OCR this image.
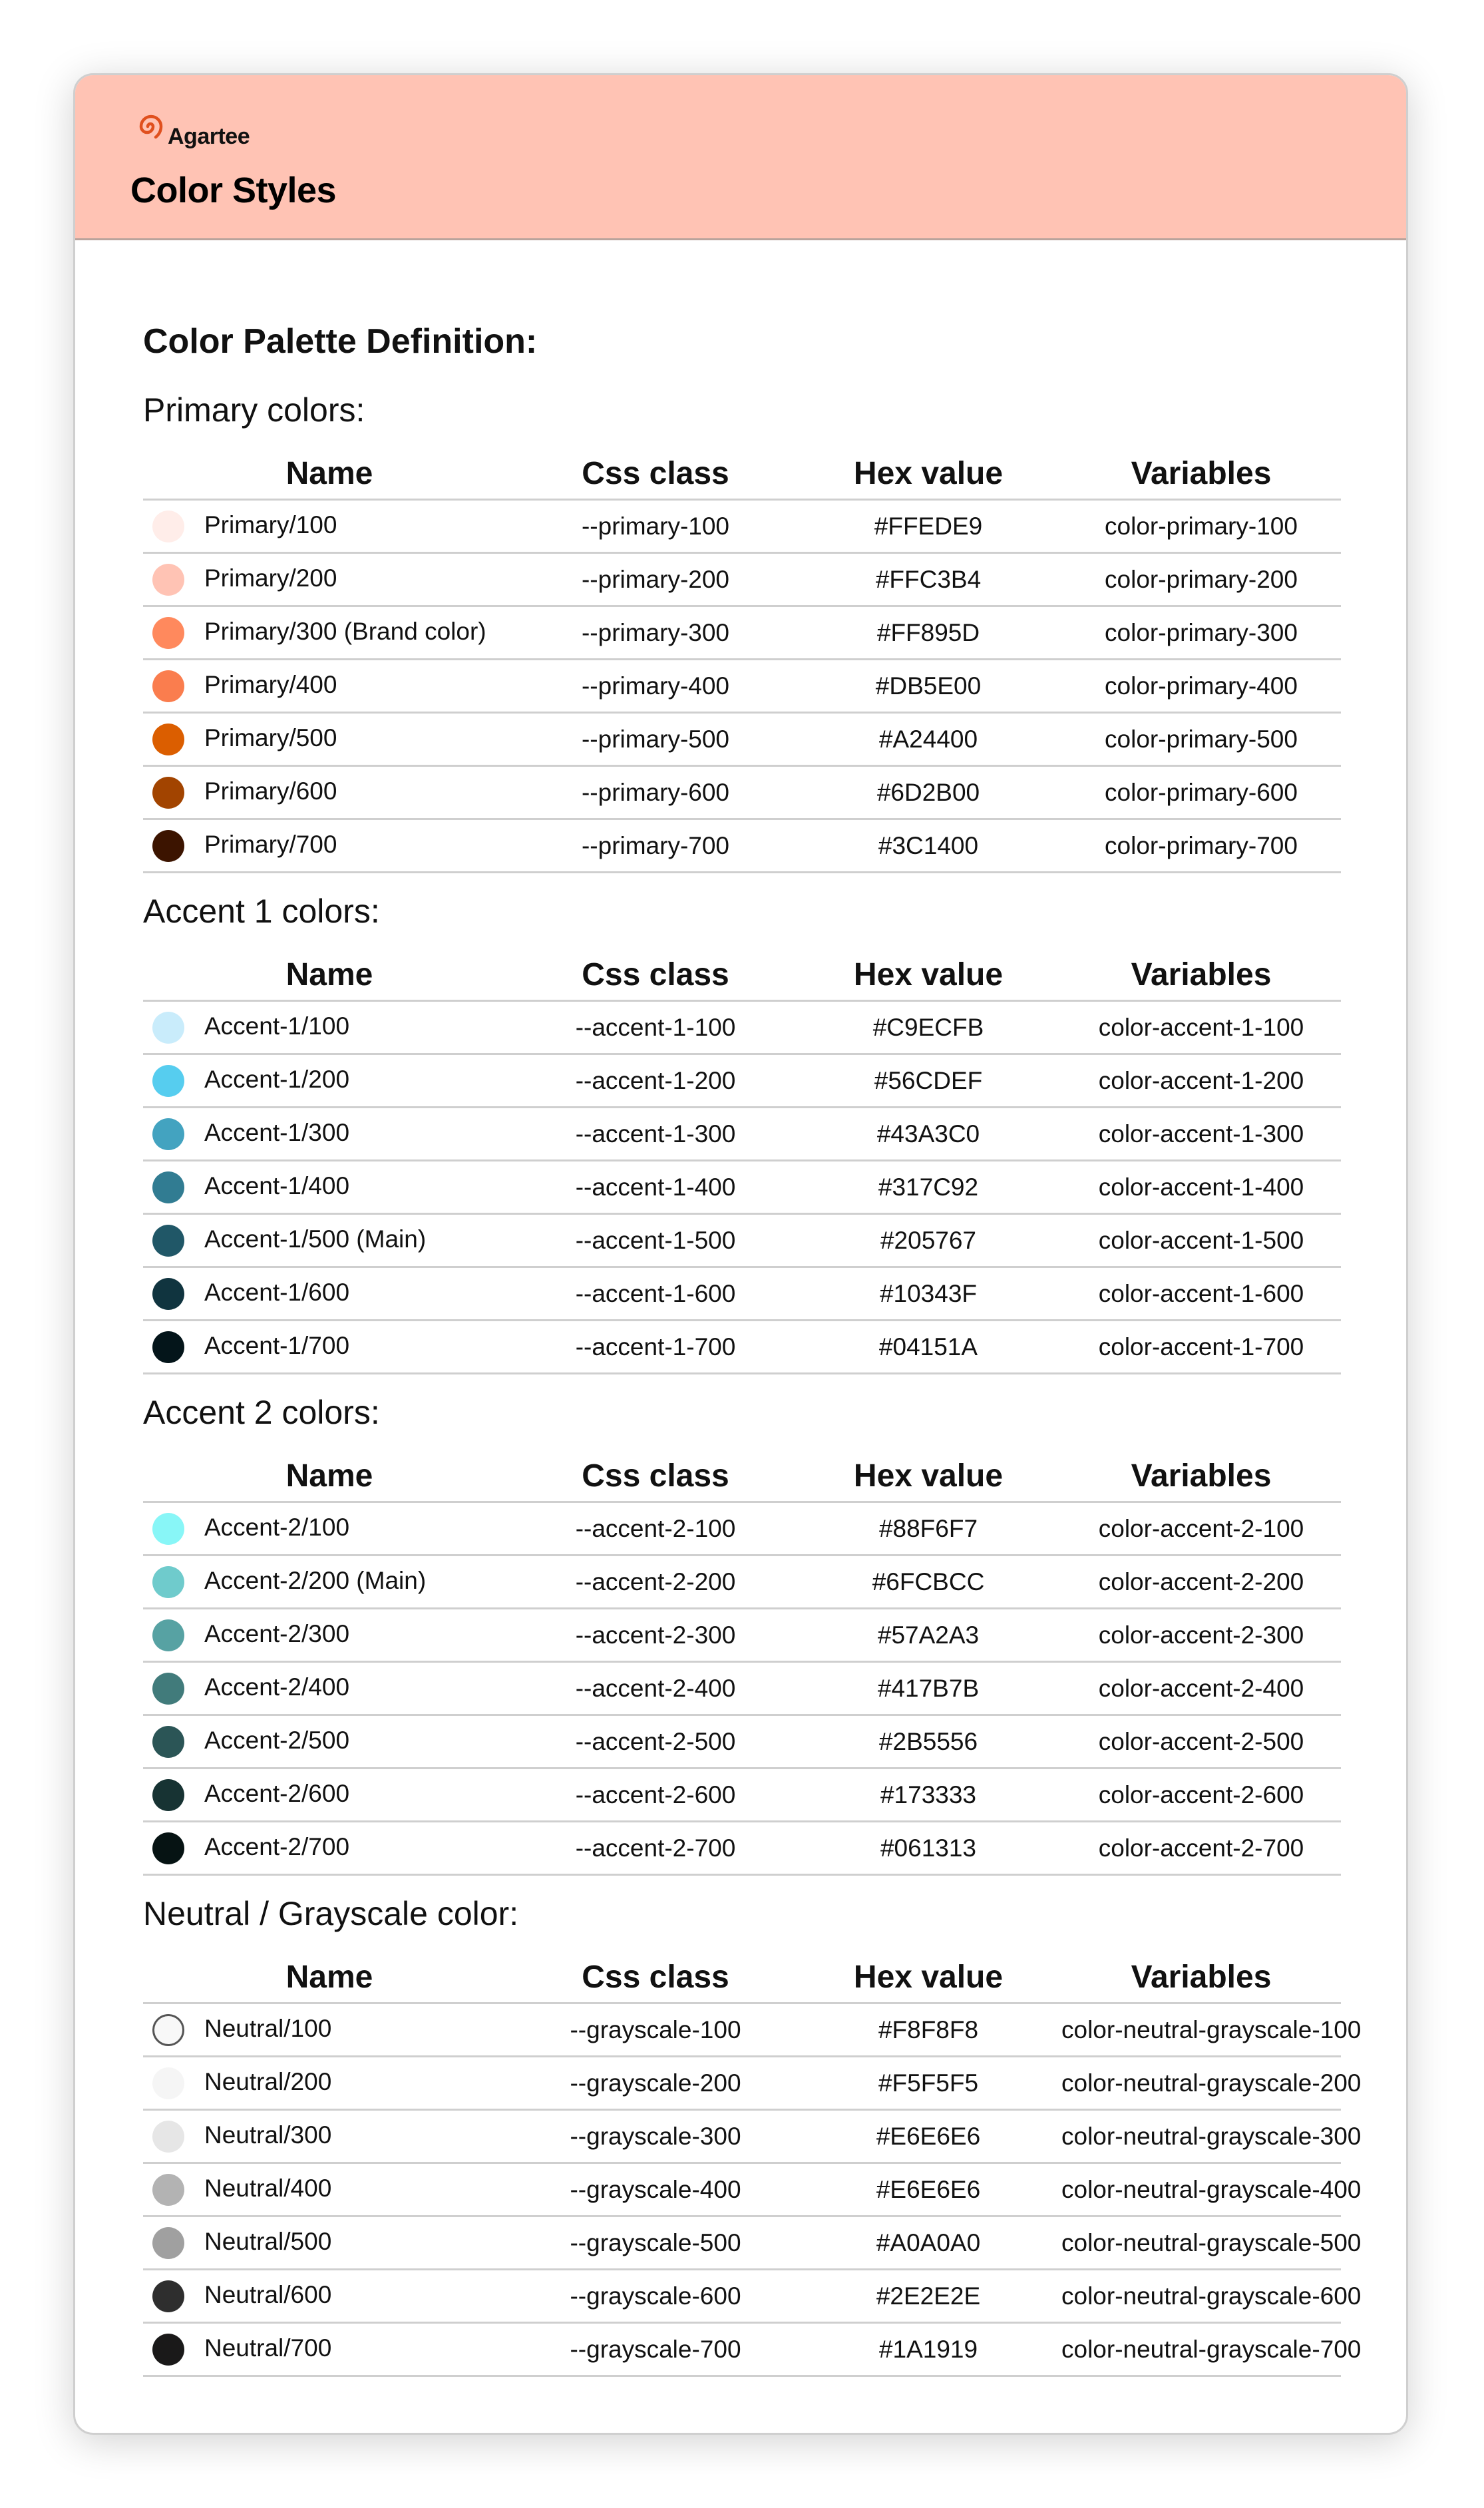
Agartee
Color Styles
Color Palette Definition:
Primary colors:
Name	Css class	Hex value	Variables
Primary/100	--primary-100	#FFEDE9	color-primary-100
Primary/200	--primary-200	#FFC3B4	color-primary-200
Primary/300 (Brand color)	--primary-300	#FF895D	color-primary-300
Primary/400	--primary-400	#DB5E00	color-primary-400
Primary/500	--primary-500	#A24400	color-primary-500
Primary/600	--primary-600	#6D2B00	color-primary-600
Primary/700	--primary-700	#3C1400	color-primary-700
Accent 1 colors:
Name	Css class	Hex value	Variables
Accent-1/100	--accent-1-100	#C9ECFB	color-accent-1-100
Accent-1/200	--accent-1-200	#56CDEF	color-accent-1-200
Accent-1/300	--accent-1-300	#43A3C0	color-accent-1-300
Accent-1/400	--accent-1-400	#317C92	color-accent-1-400
Accent-1/500 (Main)	--accent-1-500	#205767	color-accent-1-500
Accent-1/600	--accent-1-600	#10343F	color-accent-1-600
Accent-1/700	--accent-1-700	#04151A	color-accent-1-700
Accent 2 colors:
Name	Css class	Hex value	Variables
Accent-2/100	--accent-2-100	#88F6F7	color-accent-2-100
Accent-2/200 (Main)	--accent-2-200	#6FCBCC	color-accent-2-200
Accent-2/300	--accent-2-300	#57A2A3	color-accent-2-300
Accent-2/400	--accent-2-400	#417B7B	color-accent-2-400
Accent-2/500	--accent-2-500	#2B5556	color-accent-2-500
Accent-2/600	--accent-2-600	#173333	color-accent-2-600
Accent-2/700	--accent-2-700	#061313	color-accent-2-700
Neutral / Grayscale color:
Name	Css class	Hex value	Variables
Neutral/100	--grayscale-100	#F8F8F8	color-neutral-grayscale-100
Neutral/200	--grayscale-200	#F5F5F5	color-neutral-grayscale-200
Neutral/300	--grayscale-300	#E6E6E6	color-neutral-grayscale-300
Neutral/400	--grayscale-400	#E6E6E6	color-neutral-grayscale-400
Neutral/500	--grayscale-500	#A0A0A0	color-neutral-grayscale-500
Neutral/600	--grayscale-600	#2E2E2E	color-neutral-grayscale-600
Neutral/700	--grayscale-700	#1A1919	color-neutral-grayscale-700
